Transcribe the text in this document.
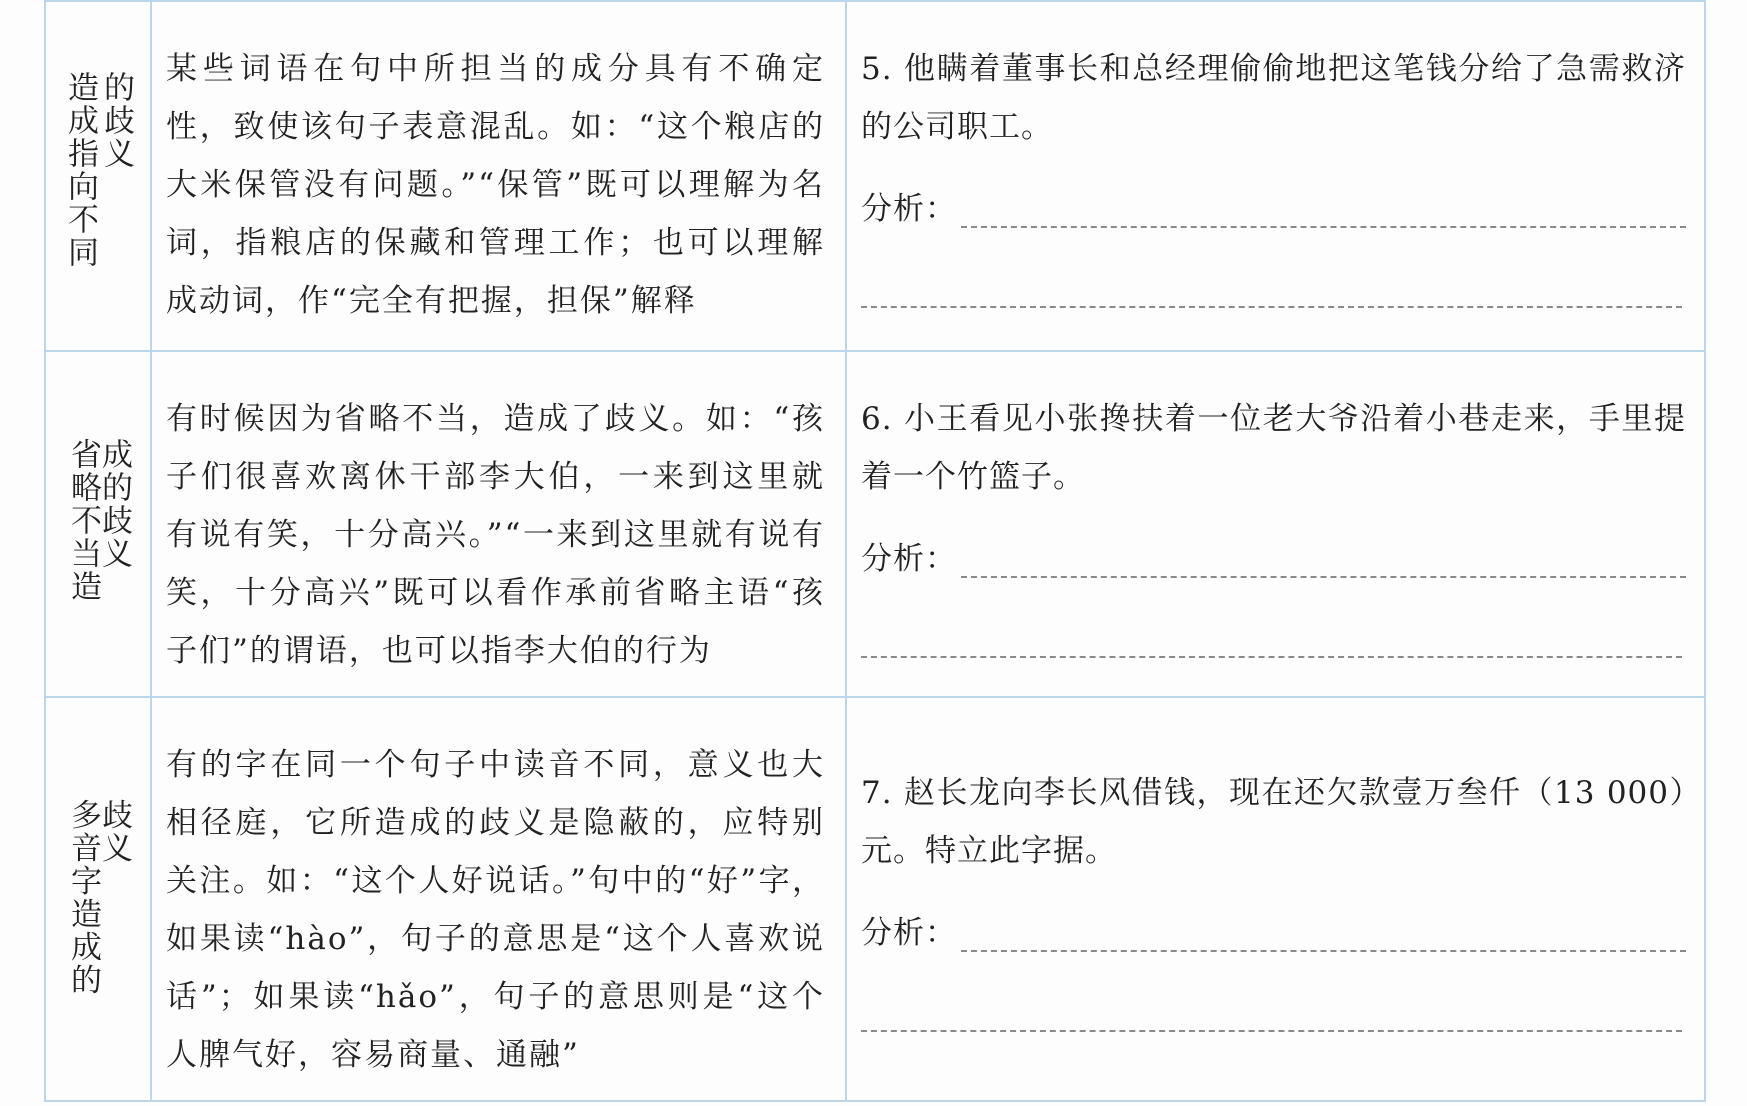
造成指向不同的歧义	某些词语在句中所担当的成分具有不确定性，致使该句子表意混乱。如：“这个粮店的大米保管没有问题。”“保管”既可以理解为名词，指粮店的保藏和管理工作；也可以理解成动词，作“完全有把握，担保”解释	5. 他瞒着董事长和总经理偷偷地把这笔钱分给了急需救济的公司职工。
分析：

省略不当造成的歧义	有时候因为省略不当，造成了歧义。如：“孩子们很喜欢离休干部李大伯，一来到这里就有说有笑，十分高兴。”“一来到这里就有说有笑，十分高兴”既可以看作承前省略主语“孩子们”的谓语，也可以指李大伯的行为	6. 小王看见小张搀扶着一位老大爷沿着小巷走来，手里提着一个竹篮子。
分析：

多音字造成的歧义	有的字在同一个句子中读音不同，意义也大相径庭，它所造成的歧义是隐蔽的，应特别关注。如：“这个人好说话。”句中的“好”字，如果读“hào”，句子的意思是“这个人喜欢说话”；如果读“hǎo”，句子的意思则是“这个人脾气好，容易商量、通融”	7. 赵长龙向李长风借钱，现在还欠款壹万叁仟（13 000）元。特立此字据。
分析：
